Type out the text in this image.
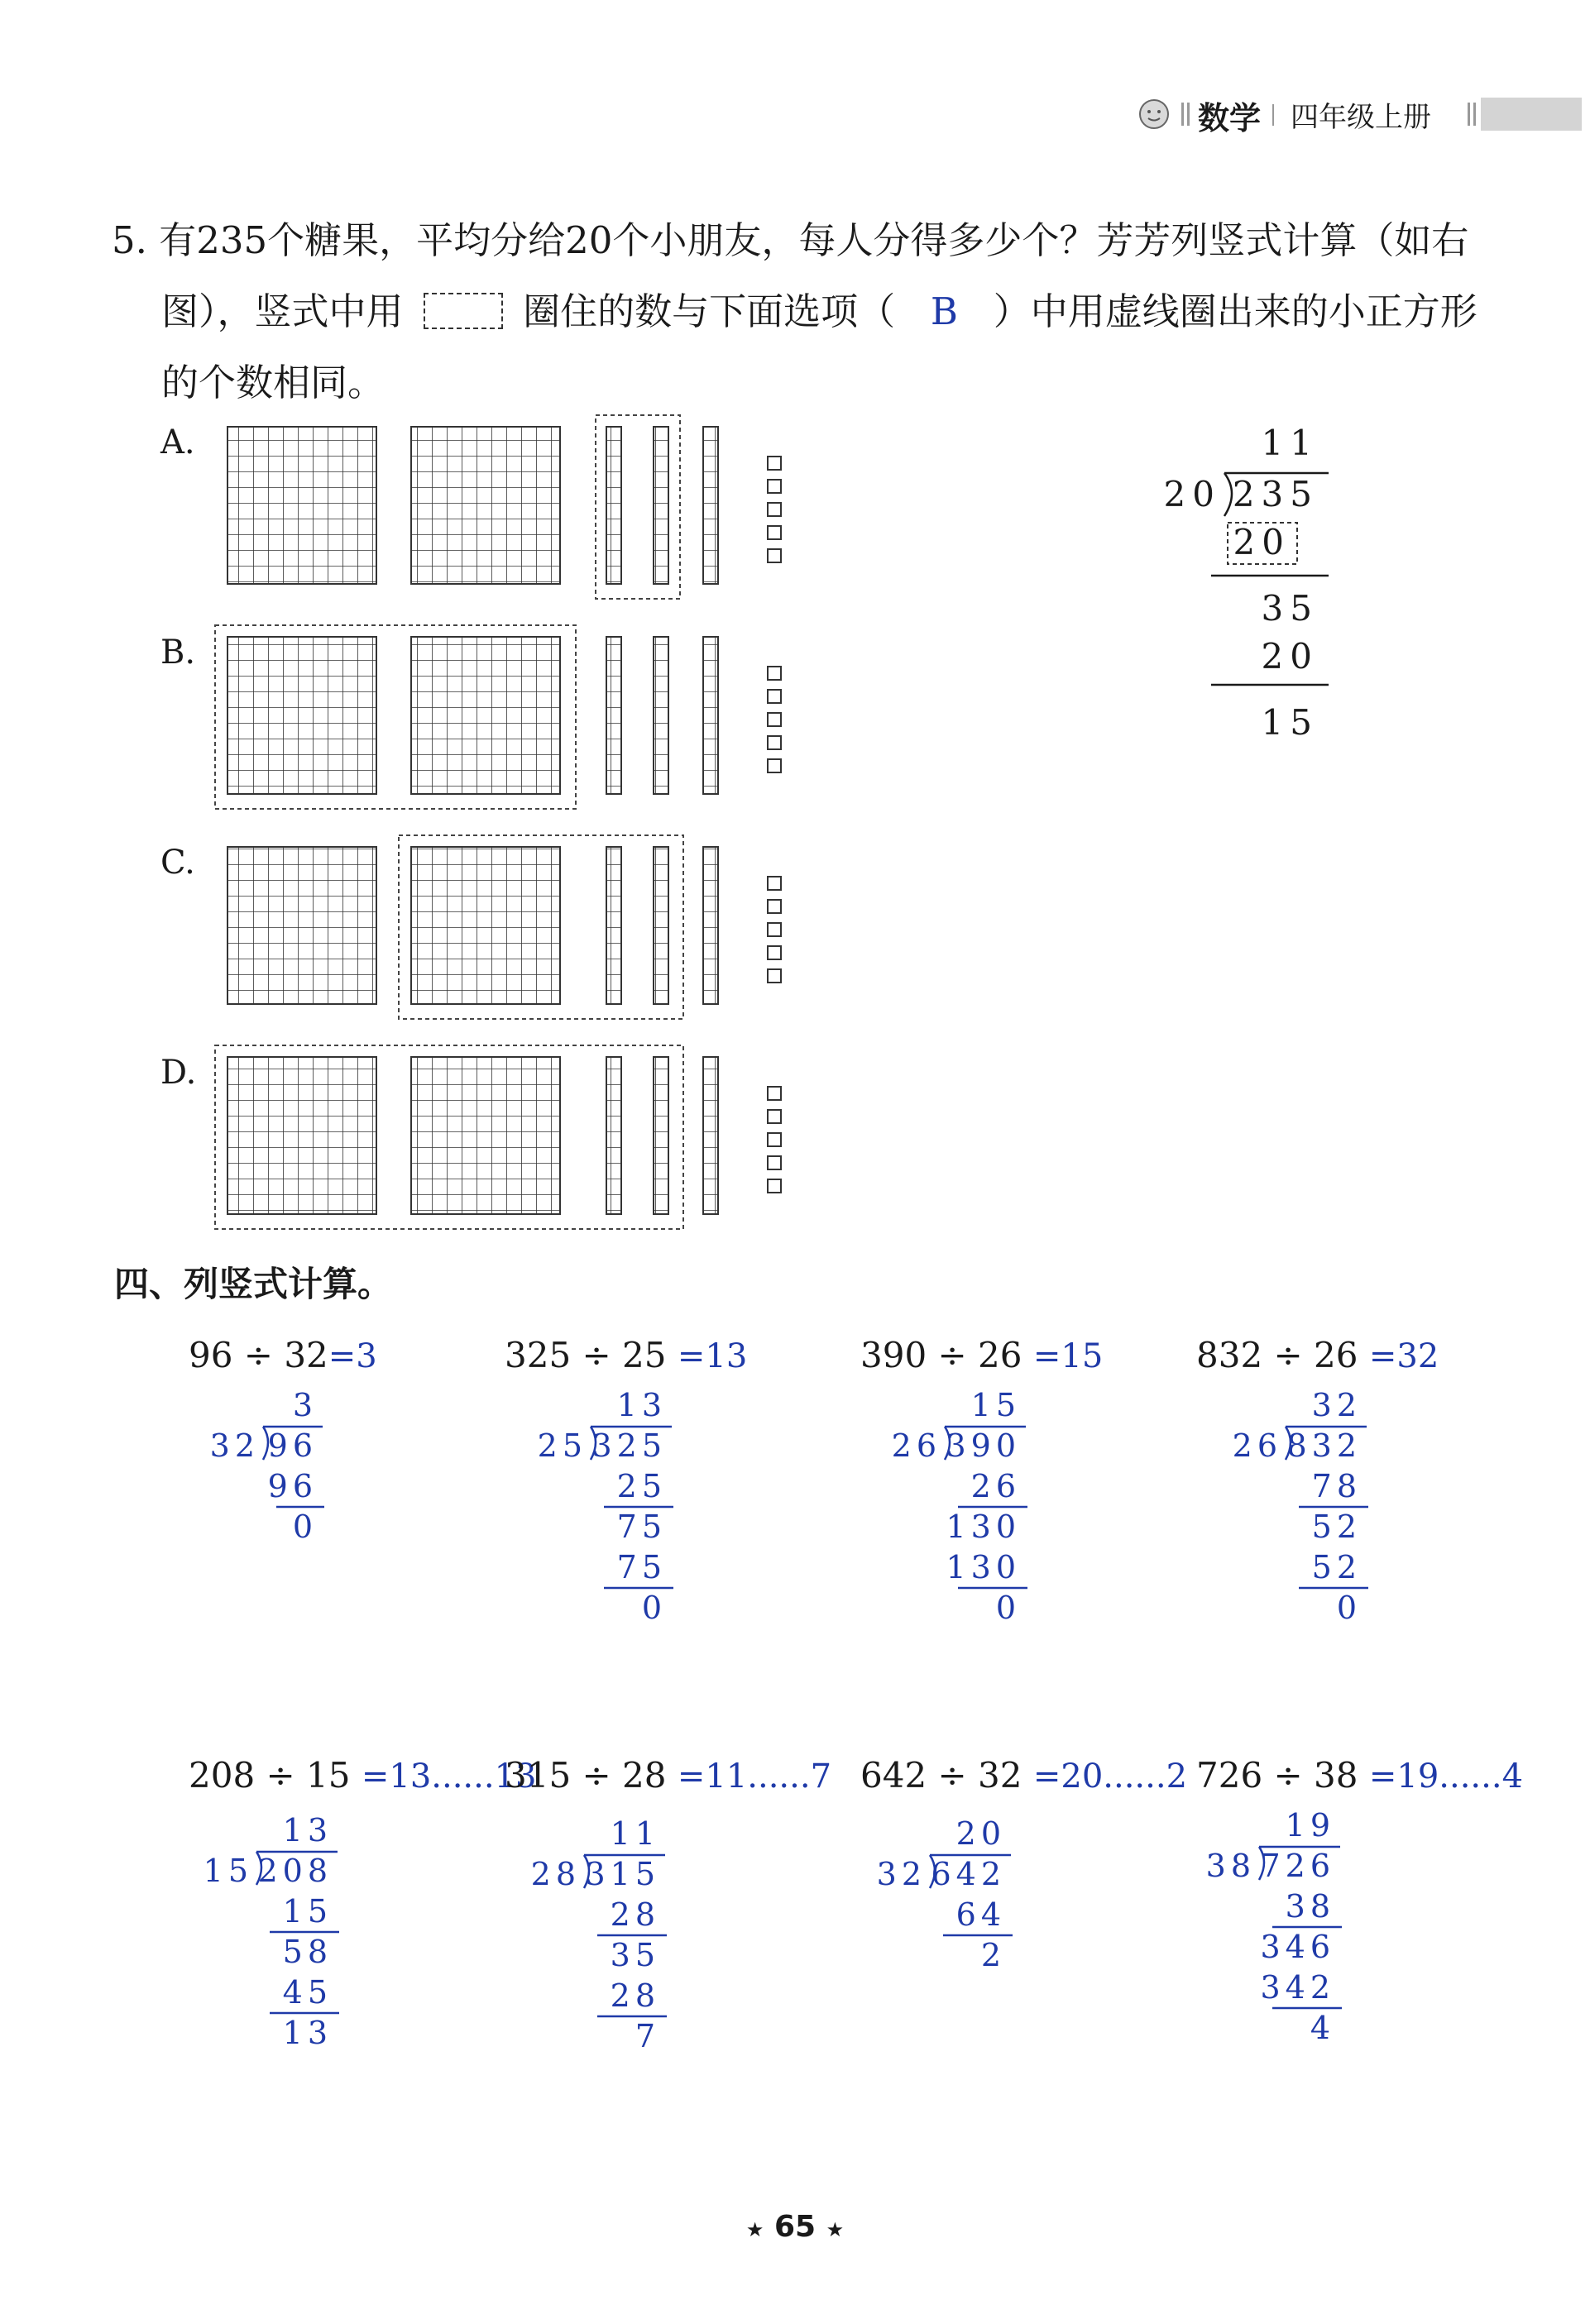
数学 四年级上册
5. 有235个糖果，平均分给20个小朋友，每人分得多少个？芳芳列竖式计算（如右
图），竖式中用	圈住的数与下面选项（ B ）中用虚线圈出来的小正方形
的个数相同。
A.
B.
C.
D.
11
20 235
20
35
20
15
四、列竖式计算。
96 ÷ 32=3	325 ÷ 25 =13	390 ÷ 26 =15	832 ÷ 26 =32
208 ÷ 15 =13......13
315 ÷ 28 =11......7 642 ÷ 32 =20......2 726 ÷ 38 =19......4
3
32 96
96
0
13
25 325
25
75
75
0
15
26 390
26
130
130
0
32
26 832
78
52
52
0
13
15 208
15
58
45
13
11
28 315
28
35
28
7
20
32 642
64
2
19
38 726
38
346
342
4
★ 65 ★
